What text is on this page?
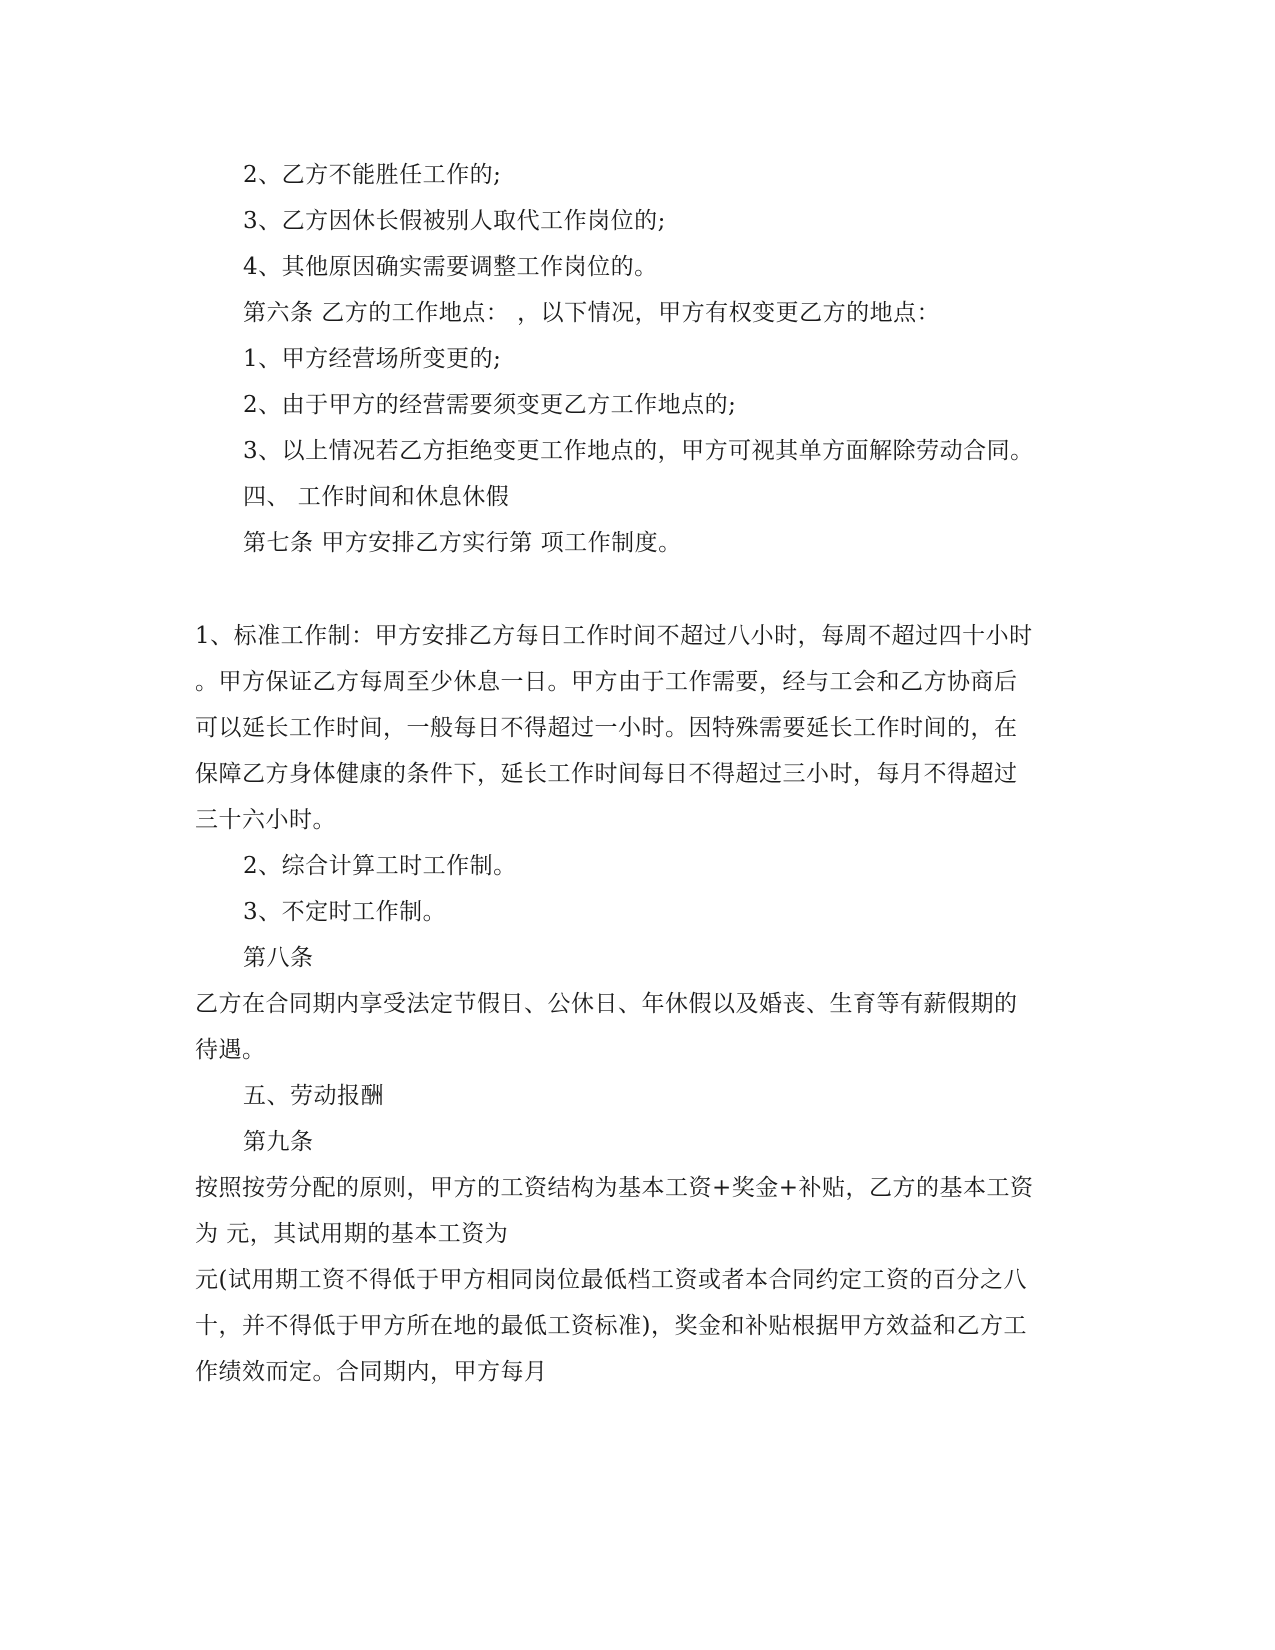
2、乙方不能胜任工作的;
3、乙方因休长假被别人取代工作岗位的;
4、其他原因确实需要调整工作岗位的。
第六条 乙方的工作地点： ，以下情况，甲方有权变更乙方的地点：
1、甲方经营场所变更的;
2、由于甲方的经营需要须变更乙方工作地点的;
3、以上情况若乙方拒绝变更工作地点的，甲方可视其单方面解除劳动合同。
四、 工作时间和休息休假
第七条 甲方安排乙方实行第 项工作制度。
1、标准工作制：甲方安排乙方每日工作时间不超过八小时，每周不超过四十小时
。甲方保证乙方每周至少休息一日。甲方由于工作需要，经与工会和乙方协商后
可以延长工作时间，一般每日不得超过一小时。因特殊需要延长工作时间的，在
保障乙方身体健康的条件下，延长工作时间每日不得超过三小时，每月不得超过
三十六小时。
2、综合计算工时工作制。
3、不定时工作制。
第八条
乙方在合同期内享受法定节假日、公休日、年休假以及婚丧、生育等有薪假期的
待遇。
五、劳动报酬
第九条
按照按劳分配的原则，甲方的工资结构为基本工资+奖金+补贴，乙方的基本工资
为 元，其试用期的基本工资为
元(试用期工资不得低于甲方相同岗位最低档工资或者本合同约定工资的百分之八
十，并不得低于甲方所在地的最低工资标准)，奖金和补贴根据甲方效益和乙方工
作绩效而定。合同期内，甲方每月
